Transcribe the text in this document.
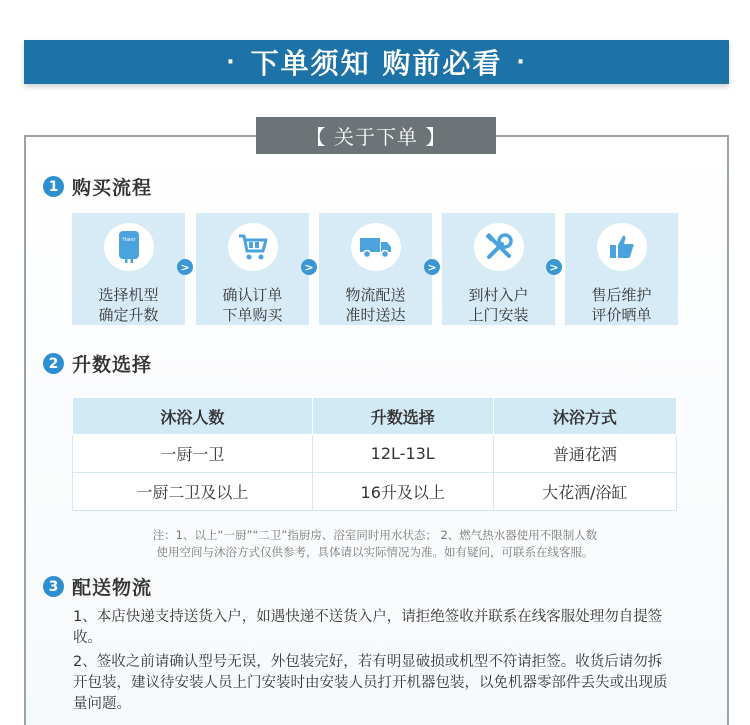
· 下单须知 购前必看 ·
【 关于下单 】
1 购买流程
Haier
选择机型
确定升数
>
确认订单
下单购买
>
物流配送
准时送达
>
到村入户
上门安装
>
售后维护
评价晒单
2 升数选择
沐浴人数	升数选择	沐浴方式
一厨一卫	12L-13L	普通花洒
一厨二卫及以上	16升及以上	大花洒/浴缸
注：1、以上“一厨”“二卫”指厨房、浴室同时用水状态； 2、燃气热水器使用不限制人数
使用空间与沐浴方式仅供参考，具体请以实际情况为准。如有疑问，可联系在线客服。
3 配送物流
1、本店快递支持送货入户，如遇快递不送货入户，请拒绝签收并联系在线客服处理勿自提签收。
2、签收之前请确认型号无误，外包装完好，若有明显破损或机型不符请拒签。收货后请勿拆开包装，建议待安装人员上门安装时由安装人员打开机器包装，以免机器零部件丢失或出现质量问题。
